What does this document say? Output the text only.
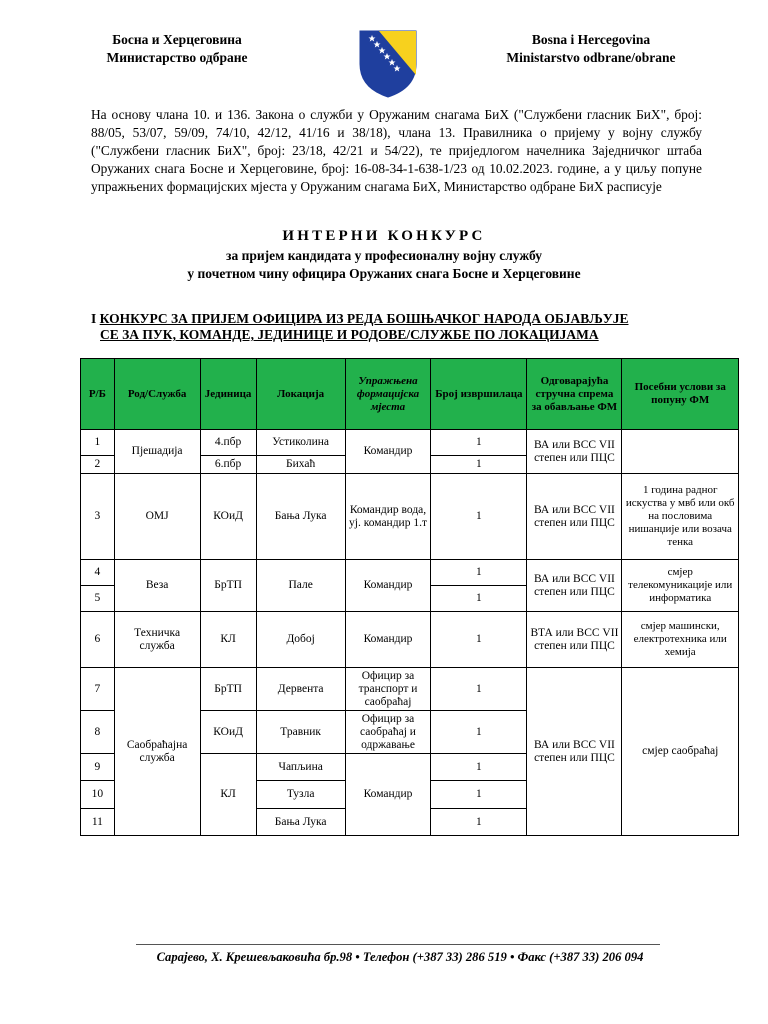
Босна и Херцеговина
Министарство одбране
Bosna i Hercegovina
Ministarstvo odbrane/obrane
На основу члана 10. и 136. Закона о служби у Оружаним снагама БиХ ("Службени гласник БиХ", број: 88/05, 53/07, 59/09, 74/10, 42/12, 41/16 и 38/18), члана 13. Правилника о пријему у војну службу ("Службени гласник БиХ", број: 23/18, 42/21 и 54/22), те приједлогом начелника Заједничког штаба Оружаних снага Босне и Херцеговине, број: 16-08-34-1-638-1/23 од 10.02.2023. године, а у циљу попуне упражњених формацијских мјеста у Оружаним снагама БиХ, Министарство одбране БиХ расписује
ИНТЕРНИ КОНКУРС
за пријем кандидата у професионалну војну службу
у почетном чину официра Оружаних снага Босне и Херцеговине
I КОНКУРС ЗА ПРИЈЕМ ОФИЦИРА ИЗ РЕДА БОШЊАЧКОГ НАРОДА ОБЈАВЉУЈЕ
СЕ ЗА ПУК, КОМАНДЕ, ЈЕДИНИЦЕ И РОДОВЕ/СЛУЖБЕ ПО ЛОКАЦИЈАМА
Р/Б	Род/Служба	Јединица	Локација	Упражњена формацијска мјеста	Број извршилаца	Одговарајућа стручна спрема за обављање ФМ	Посебни услови за попуну ФМ
1	Пјешадија	4.пбр	Устиколина	Командир	1	ВА или ВСС VII степен или ПЦС	
2		6.пбр	Бихаћ		1		
3	ОМЈ	КОиД	Бања Лука	Командир вода, уј. командир 1.т	1	ВА или ВСС VII степен или ПЦС	1 година радног искуства у мвб или окб на пословима нишанџије или возача тенка
4	Веза	БрТП	Пале	Командир	1	ВА или ВСС VII степен или ПЦС	смјер телекомуникације или информатика
5					1		
6	Техничка служба	КЛ	Добој	Командир	1	ВТА или ВСС VII степен или ПЦС	смјер машински, електротехника или хемија
7	Саобраћајна служба	БрТП	Дервента	Официр за транспорт и саобраћај	1	ВА или ВСС VII степен или ПЦС	смјер саобраћај
8		КОиД	Травник	Официр за саобраћај и одржавање	1		
9		КЛ	Чапљина	Командир	1		
10			Тузла		1		
11			Бања Лука		1		
Сарајево, Х. Крешевљаковића бр.98 • Телефон (+387 33) 286 519 • Факс (+387 33) 206 094
